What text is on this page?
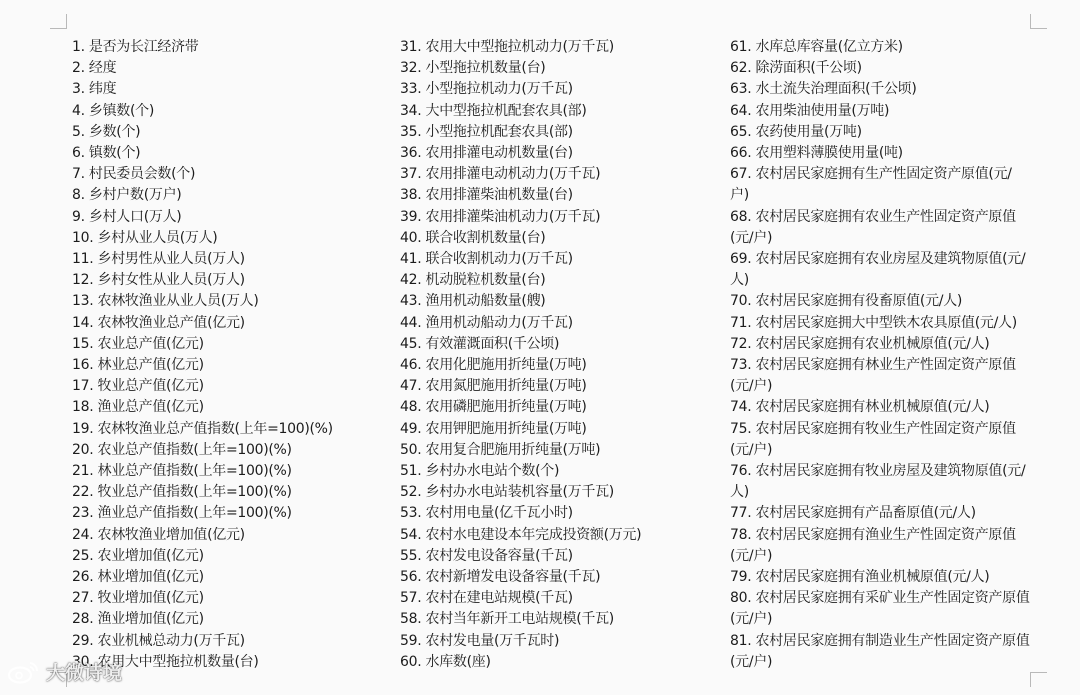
1. 是否为长江经济带
2. 经度
3. 纬度
4. 乡镇数(个)
5. 乡数(个)
6. 镇数(个)
7. 村民委员会数(个)
8. 乡村户数(万户)
9. 乡村人口(万人)
10. 乡村从业人员(万人)
11. 乡村男性从业人员(万人)
12. 乡村女性从业人员(万人)
13. 农林牧渔业从业人员(万人)
14. 农林牧渔业总产值(亿元)
15. 农业总产值(亿元)
16. 林业总产值(亿元)
17. 牧业总产值(亿元)
18. 渔业总产值(亿元)
19. 农林牧渔业总产值指数(上年=100)(%)
20. 农业总产值指数(上年=100)(%)
21. 林业总产值指数(上年=100)(%)
22. 牧业总产值指数(上年=100)(%)
23. 渔业总产值指数(上年=100)(%)
24. 农林牧渔业增加值(亿元)
25. 农业增加值(亿元)
26. 林业增加值(亿元)
27. 牧业增加值(亿元)
28. 渔业增加值(亿元)
29. 农业机械总动力(万千瓦)
30. 农用大中型拖拉机数量(台)
31. 农用大中型拖拉机动力(万千瓦)
32. 小型拖拉机数量(台)
33. 小型拖拉机动力(万千瓦)
34. 大中型拖拉机配套农具(部)
35. 小型拖拉机配套农具(部)
36. 农用排灌电动机数量(台)
37. 农用排灌电动机动力(万千瓦)
38. 农用排灌柴油机数量(台)
39. 农用排灌柴油机动力(万千瓦)
40. 联合收割机数量(台)
41. 联合收割机动力(万千瓦)
42. 机动脱粒机数量(台)
43. 渔用机动船数量(艘)
44. 渔用机动船动力(万千瓦)
45. 有效灌溉面积(千公顷)
46. 农用化肥施用折纯量(万吨)
47. 农用氮肥施用折纯量(万吨)
48. 农用磷肥施用折纯量(万吨)
49. 农用钾肥施用折纯量(万吨)
50. 农用复合肥施用折纯量(万吨)
51. 乡村办水电站个数(个)
52. 乡村办水电站装机容量(万千瓦)
53. 农村用电量(亿千瓦小时)
54. 农村水电建设本年完成投资额(万元)
55. 农村发电设备容量(千瓦)
56. 农村新增发电设备容量(千瓦)
57. 农村在建电站规模(千瓦)
58. 农村当年新开工电站规模(千瓦)
59. 农村发电量(万千瓦时)
60. 水库数(座)
61. 水库总库容量(亿立方米)
62. 除涝面积(千公顷)
63. 水土流失治理面积(千公顷)
64. 农用柴油使用量(万吨)
65. 农药使用量(万吨)
66. 农用塑料薄膜使用量(吨)
67. 农村居民家庭拥有生产性固定资产原值(元/户)
68. 农村居民家庭拥有农业生产性固定资产原值(元/户)
69. 农村居民家庭拥有农业房屋及建筑物原值(元/人)
70. 农村居民家庭拥有役畜原值(元/人)
71. 农村居民家庭拥大中型铁木农具原值(元/人)
72. 农村居民家庭拥有农业机械原值(元/人)
73. 农村居民家庭拥有林业生产性固定资产原值(元/户)
74. 农村居民家庭拥有林业机械原值(元/人)
75. 农村居民家庭拥有牧业生产性固定资产原值(元/户)
76. 农村居民家庭拥有牧业房屋及建筑物原值(元/人)
77. 农村居民家庭拥有产品畜原值(元/人)
78. 农村居民家庭拥有渔业生产性固定资产原值(元/户)
79. 农村居民家庭拥有渔业机械原值(元/人)
80. 农村居民家庭拥有采矿业生产性固定资产原值(元/户)
81. 农村居民家庭拥有制造业生产性固定资产原值(元/户)
大微诗境
